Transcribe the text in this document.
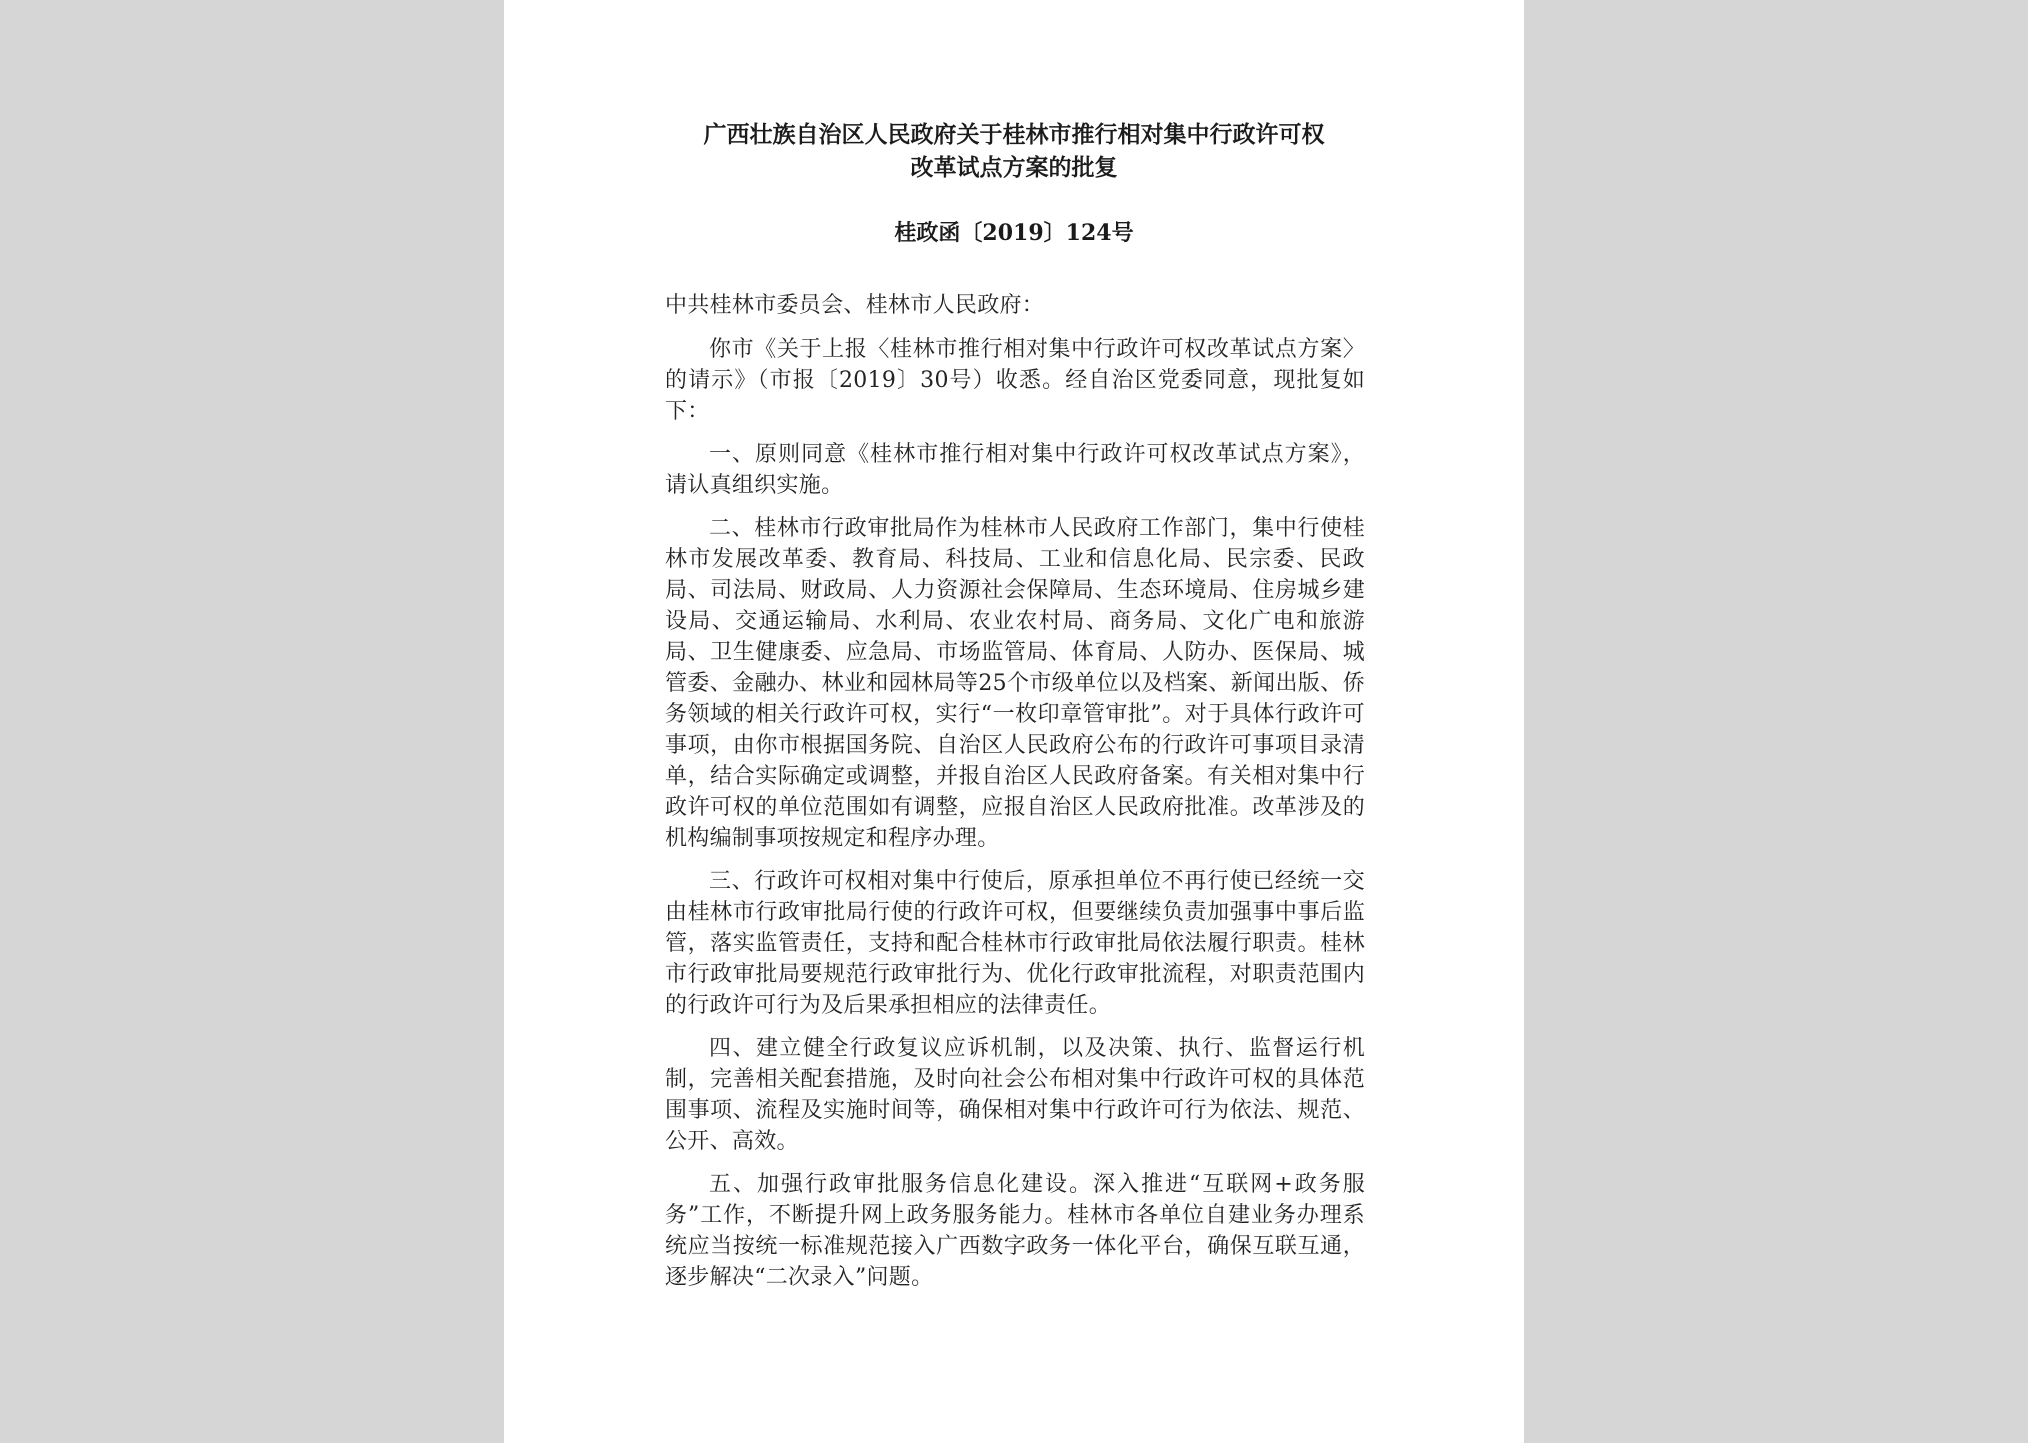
广西壮族自治区人民政府关于桂林市推行相对集中行政许可权
改革试点方案的批复
桂政函〔2019〕124号

中共桂林市委员会、桂林市人民政府：

你市《关于上报〈桂林市推行相对集中行政许可权改革试点方案〉的请示》（市报〔2019〕30号）收悉。经自治区党委同意，现批复如下：

一、原则同意《桂林市推行相对集中行政许可权改革试点方案》，请认真组织实施。

二、桂林市行政审批局作为桂林市人民政府工作部门，集中行使桂林市发展改革委、教育局、科技局、工业和信息化局、民宗委、民政局、司法局、财政局、人力资源社会保障局、生态环境局、住房城乡建设局、交通运输局、水利局、农业农村局、商务局、文化广电和旅游局、卫生健康委、应急局、市场监管局、体育局、人防办、医保局、城管委、金融办、林业和园林局等25个市级单位以及档案、新闻出版、侨务领域的相关行政许可权，实行“一枚印章管审批”。对于具体行政许可事项，由你市根据国务院、自治区人民政府公布的行政许可事项目录清单，结合实际确定或调整，并报自治区人民政府备案。有关相对集中行政许可权的单位范围如有调整，应报自治区人民政府批准。改革涉及的机构编制事项按规定和程序办理。

三、行政许可权相对集中行使后，原承担单位不再行使已经统一交由桂林市行政审批局行使的行政许可权，但要继续负责加强事中事后监管，落实监管责任，支持和配合桂林市行政审批局依法履行职责。桂林市行政审批局要规范行政审批行为、优化行政审批流程，对职责范围内的行政许可行为及后果承担相应的法律责任。

四、建立健全行政复议应诉机制，以及决策、执行、监督运行机制，完善相关配套措施，及时向社会公布相对集中行政许可权的具体范围事项、流程及实施时间等，确保相对集中行政许可行为依法、规范、公开、高效。

五、加强行政审批服务信息化建设。深入推进“互联网+政务服务”工作，不断提升网上政务服务能力。桂林市各单位自建业务办理系统应当按统一标准规范接入广西数字政务一体化平台，确保互联互通，逐步解决“二次录入”问题。
